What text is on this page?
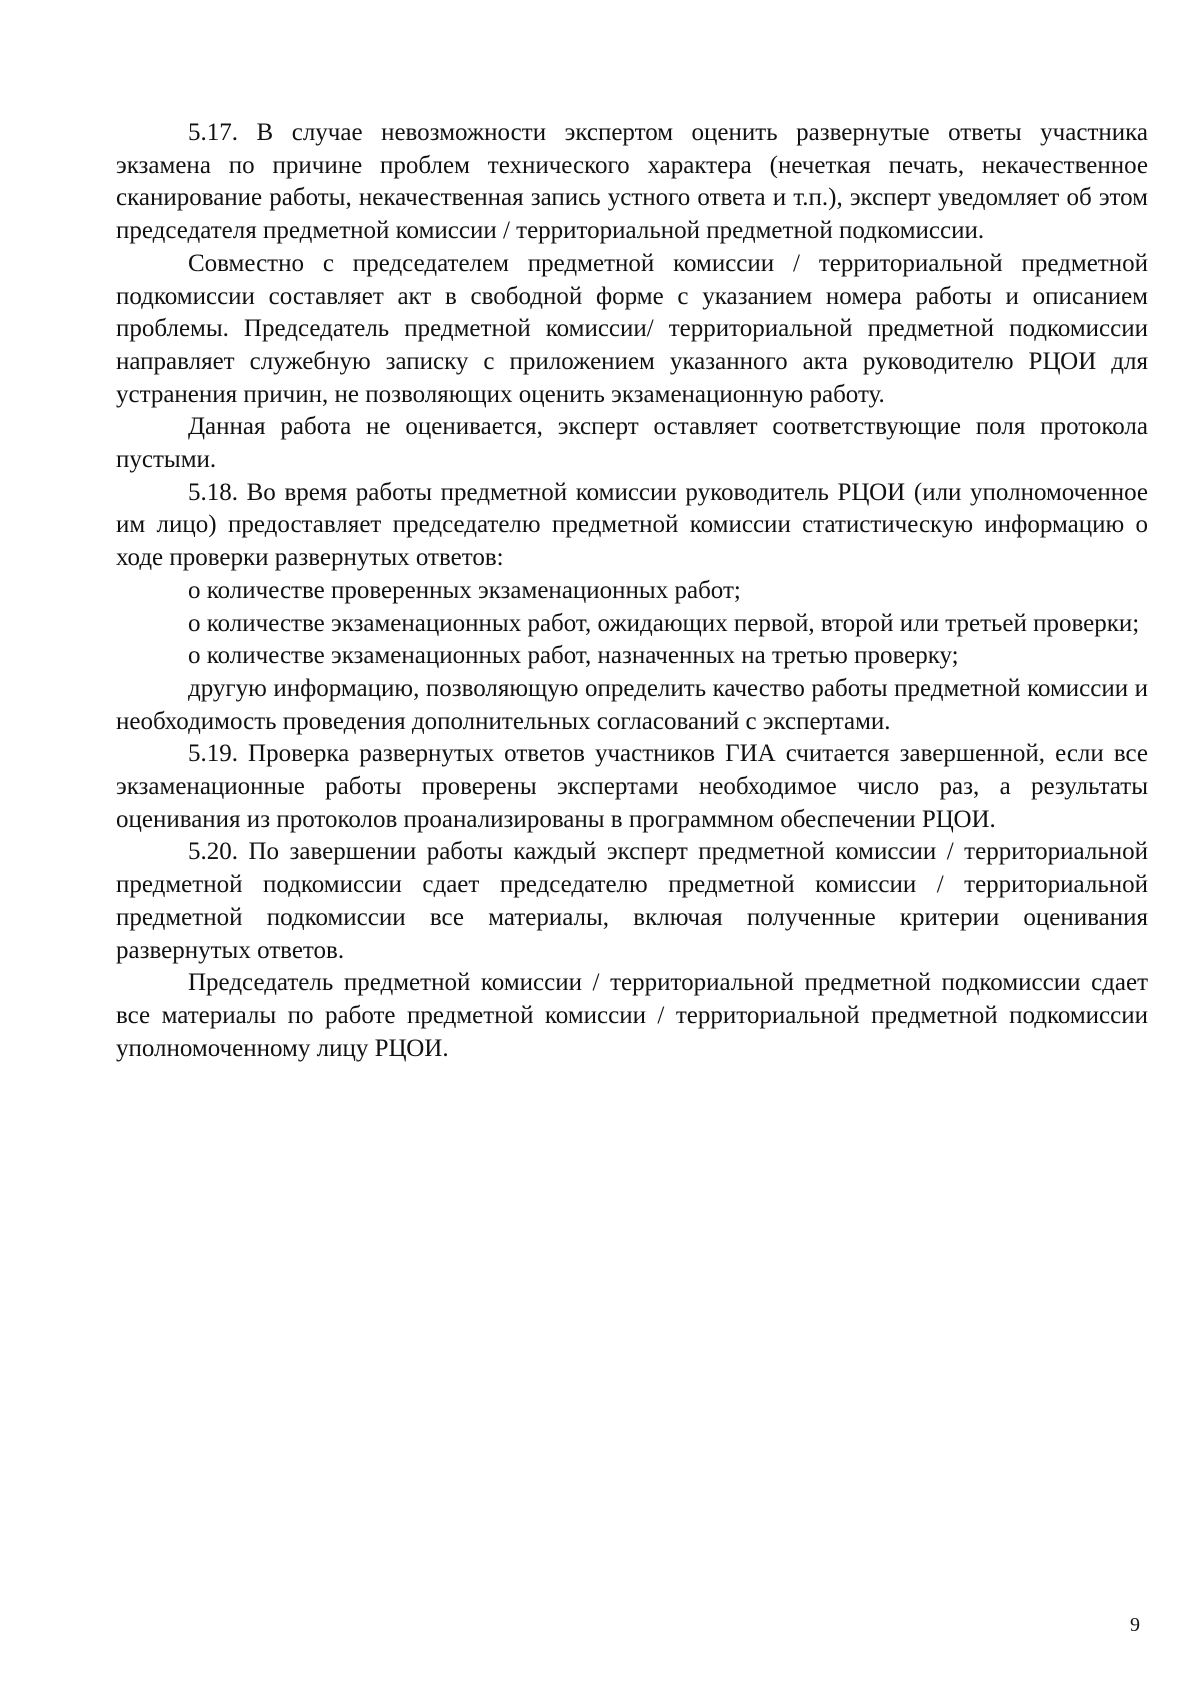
5.17. В случае невозможности экспертом оценить развернутые ответы участника экзамена по причине проблем технического характера (нечеткая печать, некачественное сканирование работы, некачественная запись устного ответа и т.п.), эксперт уведомляет об этом председателя предметной комиссии / территориальной предметной подкомиссии.

Совместно с председателем предметной комиссии / территориальной предметной подкомиссии составляет акт в свободной форме с указанием номера работы и описанием проблемы. Председатель предметной комиссии/ территориальной предметной подкомиссии направляет служебную записку с приложением указанного акта руководителю РЦОИ для устранения причин, не позволяющих оценить экзаменационную работу.

Данная работа не оценивается, эксперт оставляет соответствующие поля протокола пустыми.

5.18. Во время работы предметной комиссии руководитель РЦОИ (или уполномоченное им лицо) предоставляет председателю предметной комиссии статистическую информацию о ходе проверки развернутых ответов:

о количестве проверенных экзаменационных работ;

о количестве экзаменационных работ, ожидающих первой, второй или третьей проверки;

о количестве экзаменационных работ, назначенных на третью проверку;

другую информацию, позволяющую определить качество работы предметной комиссии и необходимость проведения дополнительных согласований с экспертами.

5.19. Проверка развернутых ответов участников ГИА считается завершенной, если все экзаменационные работы проверены экспертами необходимое число раз, а результаты оценивания из протоколов проанализированы в программном обеспечении РЦОИ.

5.20. По завершении работы каждый эксперт предметной комиссии / территориальной предметной подкомиссии сдает председателю предметной комиссии / территориальной предметной подкомиссии все материалы, включая полученные критерии оценивания развернутых ответов.

Председатель предметной комиссии / территориальной предметной подкомиссии сдает все материалы по работе предметной комиссии / территориальной предметной подкомиссии уполномоченному лицу РЦОИ.

9
